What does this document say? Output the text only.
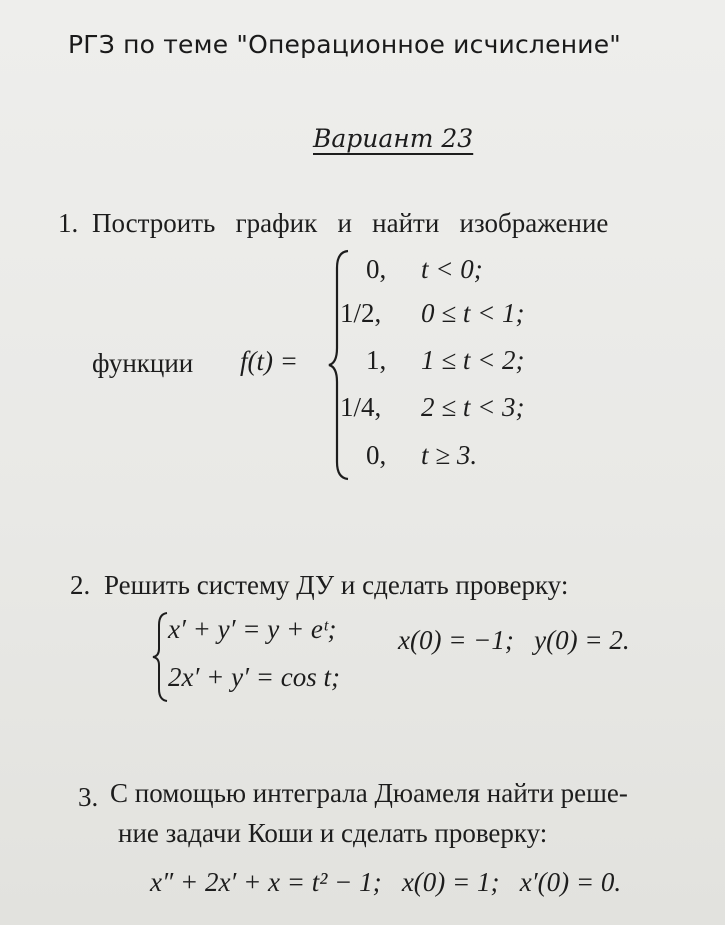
РГЗ по теме "Операционное исчисление"
Вариант 23
1. Построить   график   и   найти   изображение
функции f(t) =
0, t < 0;
1/2, 0 ≤ t < 1;
1, 1 ≤ t < 2;
1/4, 2 ≤ t < 3;
0, t ≥ 3.
2. Решить систему ДУ и сделать проверку:
x′ + y′ = y + eᵗ;
2x′ + y′ = cos t;
x(0) = −1;   y(0) = 2.
3. С помощью интеграла Дюамеля найти реше-
ние задачи Коши и сделать проверку:
x″ + 2x′ + x = t² − 1;   x(0) = 1;   x′(0) = 0.
